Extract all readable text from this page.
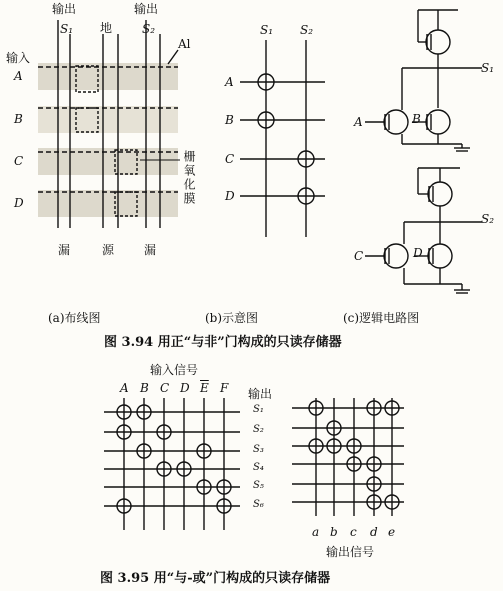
输出	输出
S₁ 地 S₂
输入
Al
A
B
C
D	栅氧化膜
漏	源 漏
S₁ S₂
A
B
C
D
S₁
S₂
A	B
C	D
(a)布线图	(b)示意图	(c)逻辑电路图
图 3.94 用正“与非”门构成的只读存储器
输入信号
A B C D $\overline{E}$ F 输出
S₁
S₂
S₃
S₄
S₅
S₆
a b c d e
输出信号
图 3.95 用“与-或”门构成的只读存储器
